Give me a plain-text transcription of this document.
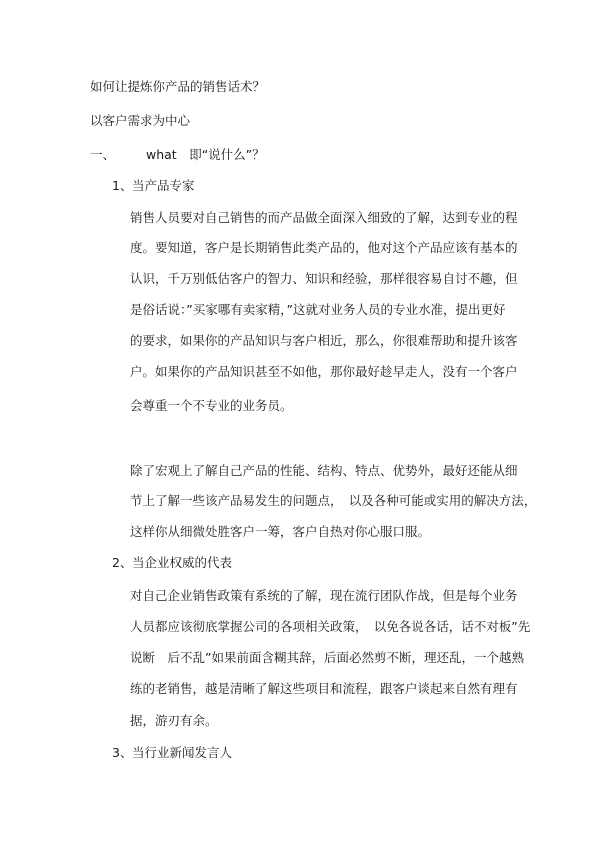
如何让提炼你产品的销售话术？
以客户需求为中心
一、 what　即“说什么”？
1、当产品专家
销售人员要对自己销售的而产品做全面深入细致的了解，达到专业的程
度。要知道，客户是长期销售此类产品的，他对这个产品应该有基本的
认识，千万别低估客户的智力、知识和经验，那样很容易自讨不趣，但
是俗话说：”买家哪有卖家精，”这就对业务人员的专业水准，提出更好
的要求，如果你的产品知识与客户相近，那么，你很难帮助和提升该客
户。如果你的产品知识甚至不如他，那你最好趁早走人，没有一个客户
会尊重一个不专业的业务员。
除了宏观上了解自己产品的性能、结构、特点、优势外，最好还能从细
节上了解一些该产品易发生的问题点，　以及各种可能或实用的解决方法，
这样你从细微处胜客户一筹，客户自热对你心服口服。
2、当企业权威的代表
对自己企业销售政策有系统的了解，现在流行团队作战，但是每个业务
人员都应该彻底掌握公司的各项相关政策，　以免各说各话，话不对板”先
说断　后不乱”如果前面含糊其辞，后面必然剪不断，理还乱，一个越熟
练的老销售，越是清晰了解这些项目和流程，跟客户谈起来自然有理有
据，游刃有余。
3、当行业新闻发言人
